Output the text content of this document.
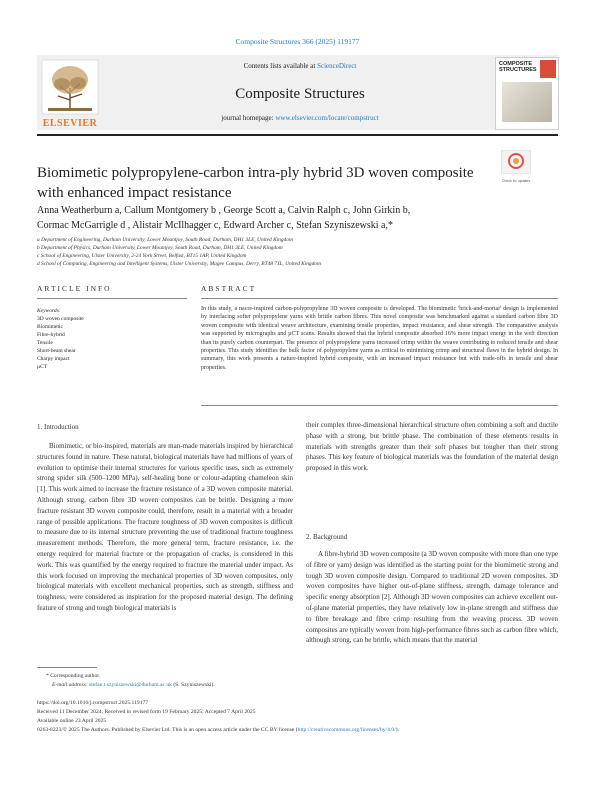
Composite Structures 366 (2025) 119177
ELSEVIER
Contents lists available at ScienceDirect
Composite Structures
journal homepage: www.elsevier.com/locate/compstruct
COMPOSITE STRUCTURES
Biomimetic polypropylene-carbon intra-ply hybrid 3D woven composite with enhanced impact resistance
Check for updates
Anna Weatherburn a, Callum Montgomery b , George Scott a, Calvin Ralph c, John Girkin b,
Cormac McGarrigle d , Alistair McIlhagger c, Edward Archer c, Stefan Szyniszewski a,*
a Department of Engineering, Durham University, Lower Mountjoy, South Road, Durham, DH1 3LE, United Kingdom
b Department of Physics, Durham University, Lower Mountjoy, South Road, Durham, DH1 3LE, United Kingdom
c School of Engineering, Ulster University, 2-24 York Street, Belfast, BT15 1AP, United Kingdom
d School of Computing, Engineering and Intelligent Systems, Ulster University, Magee Campus, Derry, BT48 7JL, United Kingdom
ARTICLE INFO	ABSTRACT
Keywords:
3D woven composite
Biomimetic
Fibre-hybrid
Tensile
Short-beam shear
Charpy impact
µCT
In this study, a nacre-inspired carbon-polypropylene 3D woven composite is developed. The biomimetic 'brick-and-mortar' design is implemented by interlacing softer polypropylene yarns with brittle carbon fibres. This novel composite was benchmarked against a standard carbon fibre 3D woven composite with identical weave architecture, examining tensile properties, impact resistance, and shear strength. The comparative analysis was supported by micrographs and µCT scans. Results showed that the hybrid composite absorbed 16% more impact energy in the weft direction than its purely carbon counterpart. The presence of polypropylene yarns increased crimp within the weave contributing to reduced tensile and shear properties. This study identifies the bulk factor of polypropylene yarns as critical to minimising crimp and structural flaws in the hybrid design. In summary, this work presents a nature-inspired hybrid composite, with an increased impact resistance but with trade-offs in tensile and shear properties.
1. Introduction

Biomimetic, or bio-inspired, materials are man-made materials inspired by hierarchical structures found in nature. These natural, biological materials have had millions of years of evolution to optimise their internal structures for various specific uses, such as extremely strong spider silk (500–1200 MPa), self-healing bone or colour-adapting chameleon skin [1]. This work aimed to increase the fracture resistance of a 3D woven composite material. Although strong, carbon fibre 3D woven composites can be brittle. Designing a more fracture resistant 3D woven composite could, therefore, result in a material with a broader range of possible applications. The fracture toughness of 3D woven composites is difficult to measure due to its internal structure preventing the use of traditional fracture toughness measurement methods. Therefore, the more general term, fracture resistance, i.e. the energy required for material fracture or the propagation of cracks, is considered in this work. This was quantified by the energy required to fracture the material under impact. As this work focused on improving the mechanical properties of 3D woven composites, only biological materials with excellent mechanical properties, such as strength, stiffness and toughness, were considered as inspiration for the proposed material design. The defining feature of strong and tough biological materials is

their complex three-dimensional hierarchical structure often combining a soft and ductile phase with a strong, but brittle phase. The combination of these elements results in materials with strengths greater than their soft phases but tougher than their strong phases. This key feature of biological materials was the foundation of the material design proposed in this work.

2. Background

A fibre-hybrid 3D woven composite (a 3D woven composite with more than one type of fibre or yarn) design was identified as the starting point for the biomimetic strong and tough 3D woven composite design. Compared to traditional 2D woven composites, 3D woven composites have higher out-of-plane stiffness, strength, damage tolerance and specific energy absorption [2]. Although 3D woven composites can achieve excellent out-of-plane material properties, they have relatively low in-plane strength and stiffness due to fibre breakage and fibre crimp resulting from the weaving process. 3D woven composites are typically woven from high-performance fibres such as carbon fibre which, although strong, can be brittle, which means that the material

* Corresponding author.
E-mail address: stefan.t.szyniszewski@durham.ac.uk (S. Szyniszewski).
https://doi.org/10.1016/j.compstruct.2025.119177
Received 11 December 2024; Received in revised form 19 February 2025; Accepted 7 April 2025
Available online 23 April 2025
0263-8223/© 2025 The Authors. Published by Elsevier Ltd. This is an open access article under the CC BY license (http://creativecommons.org/licenses/by/4.0/).
